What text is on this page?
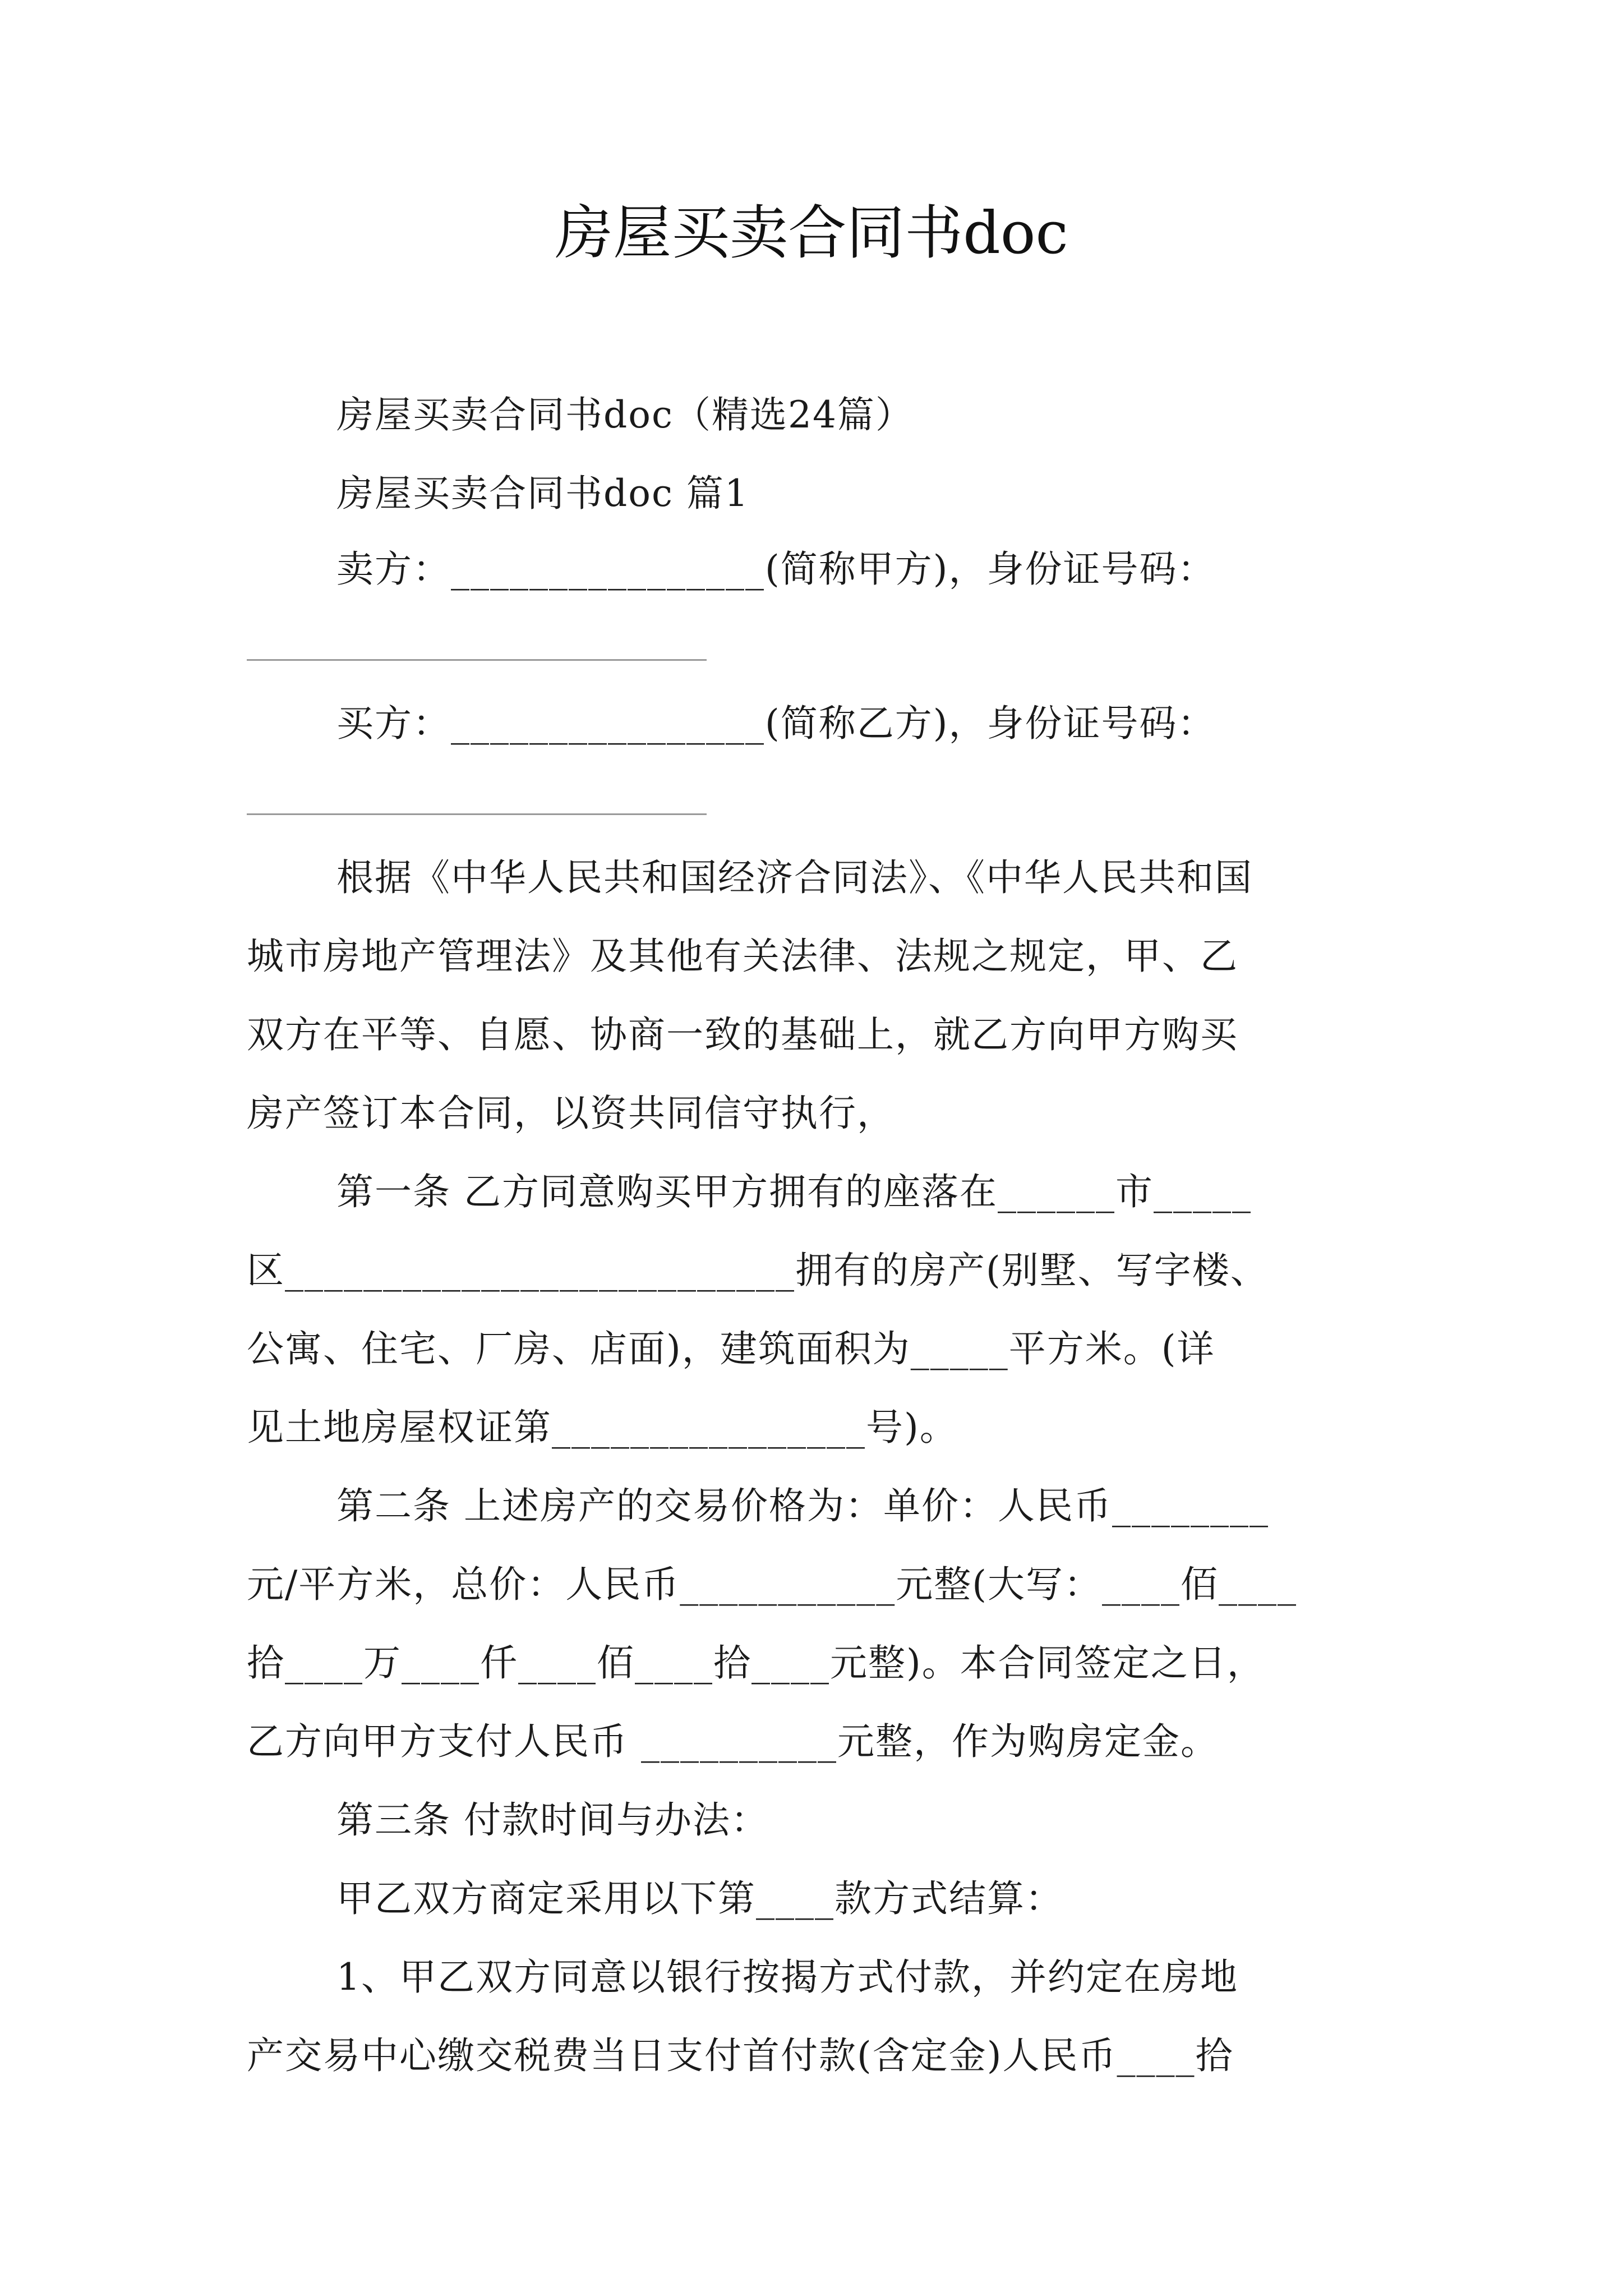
房屋买卖合同书doc
房屋买卖合同书doc（精选24篇）
房屋买卖合同书doc 篇1
卖方：________________(简称甲方)，身份证号码：
买方：________________(简称乙方)，身份证号码：
根据《中华人民共和国经济合同法》、《中华人民共和国
城市房地产管理法》及其他有关法律、法规之规定，甲、乙
双方在平等、自愿、协商一致的基础上，就乙方向甲方购买
房产签订本合同，以资共同信守执行，
第一条 乙方同意购买甲方拥有的座落在______市_____
区__________________________拥有的房产(别墅、写字楼、
公寓、住宅、厂房、店面)，建筑面积为_____平方米。(详
见土地房屋权证第________________号)。
第二条 上述房产的交易价格为：单价：人民币________
元/平方米，总价：人民币___________元整(大写：____佰____
拾____万____仟____佰____拾____元整)。本合同签定之日，
乙方向甲方支付人民币 __________元整，作为购房定金。
第三条 付款时间与办法：
甲乙双方商定采用以下第____款方式结算：
1、甲乙双方同意以银行按揭方式付款，并约定在房地
产交易中心缴交税费当日支付首付款(含定金)人民币____拾
